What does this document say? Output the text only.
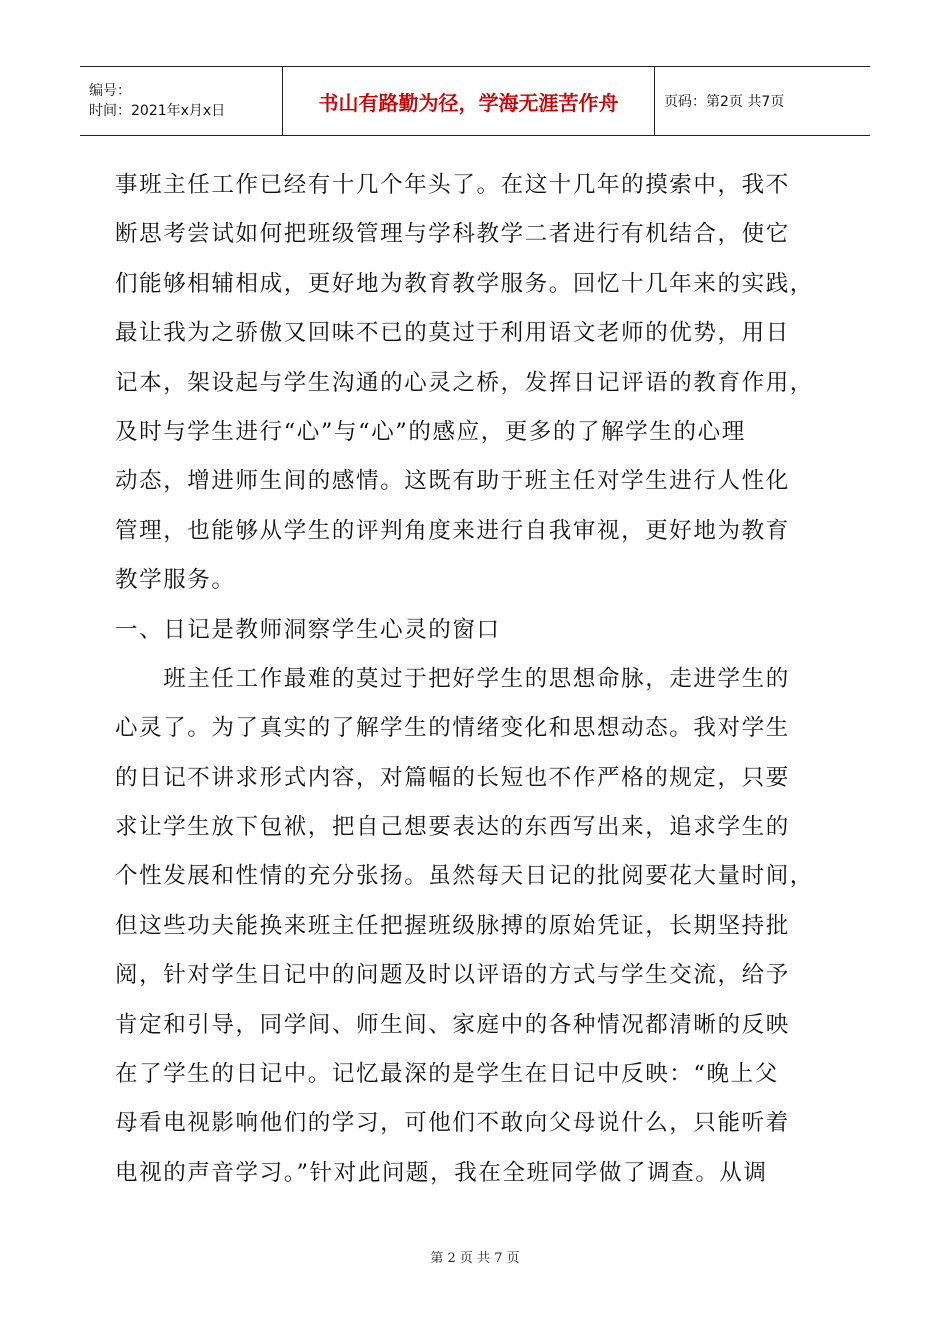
编号：
时间：2021年x月x日	书山有路勤为径，学海无涯苦作舟	页码：第2页 共7页
事班主任工作已经有十几个年头了。在这十几年的摸索中，我不
断思考尝试如何把班级管理与学科教学二者进行有机结合，使它
们能够相辅相成，更好地为教育教学服务。回忆十几年来的实践，
最让我为之骄傲又回味不已的莫过于利用语文老师的优势，用日
记本，架设起与学生沟通的心灵之桥，发挥日记评语的教育作用，
及时与学生进行“心”与“心”的感应，更多的了解学生的心理
动态，增进师生间的感情。这既有助于班主任对学生进行人性化
管理，也能够从学生的评判角度来进行自我审视，更好地为教育
教学服务。
一、日记是教师洞察学生心灵的窗口
　　班主任工作最难的莫过于把好学生的思想命脉，走进学生的
心灵了。为了真实的了解学生的情绪变化和思想动态。我对学生
的日记不讲求形式内容，对篇幅的长短也不作严格的规定，只要
求让学生放下包袱，把自己想要表达的东西写出来，追求学生的
个性发展和性情的充分张扬。虽然每天日记的批阅要花大量时间，
但这些功夫能换来班主任把握班级脉搏的原始凭证，长期坚持批
阅，针对学生日记中的问题及时以评语的方式与学生交流，给予
肯定和引导，同学间、师生间、家庭中的各种情况都清晰的反映
在了学生的日记中。记忆最深的是学生在日记中反映：“晚上父
母看电视影响他们的学习，可他们不敢向父母说什么，只能听着
电视的声音学习。”针对此问题，我在全班同学做了调查。从调
第 2 页 共 7 页
